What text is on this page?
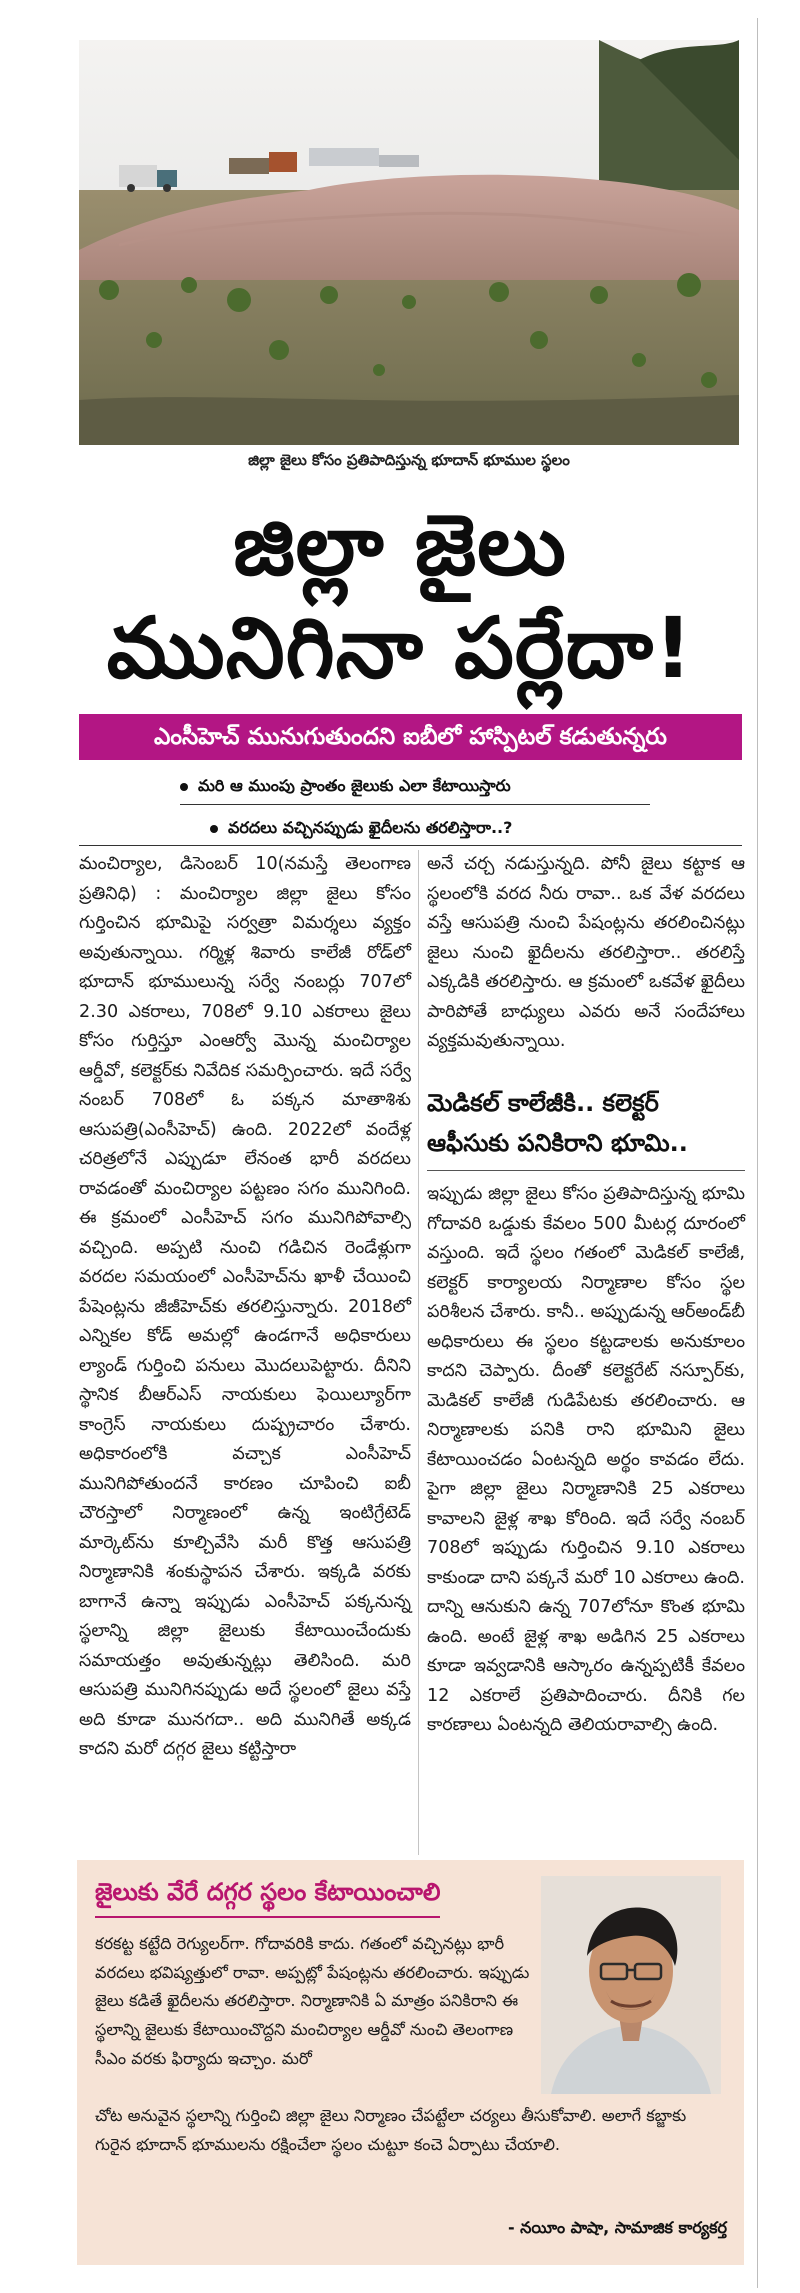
జిల్లా జైలు కోసం ప్రతిపాదిస్తున్న భూదాన్ భూముల స్థలం
జిల్లా జైలు
మునిగినా పర్లేదా!
ఎంసీహెచ్ మునుగుతుందని ఐబీలో హాస్పిటల్ కడుతున్నరు
మరి ఆ ముంపు ప్రాంతం జైలుకు ఎలా కేటాయిస్తారు
వరదలు వచ్చినప్పుడు ఖైదీలను తరలిస్తారా..?

మంచిర్యాల, డిసెంబర్ 10(నమస్తే తెలంగాణ ప్రతినిధి) : మంచిర్యాల జిల్లా జైలు కోసం గుర్తించిన భూమిపై సర్వత్రా విమర్శలు వ్యక్తం అవుతున్నాయి. గర్మిళ్ల శివారు కాలేజీ రోడ్‌లో భూదాన్ భూములున్న సర్వే నంబర్లు 707లో 2.30 ఎకరాలు, 708లో 9.10 ఎకరాలు జైలు కోసం గుర్తిస్తూ ఎంఆర్వో మొన్న మంచిర్యాల ఆర్డీవో, కలెక్టర్‌కు నివేదిక సమర్పించారు. ఇదే సర్వే నంబర్ 708లో ఓ పక్కన మాతాశిశు ఆసుపత్రి(ఎంసీహెచ్) ఉంది. 2022లో వందేళ్ల చరిత్రలోనే ఎప్పుడూ లేనంత భారీ వరదలు రావడంతో మంచిర్యాల పట్టణం సగం మునిగింది. ఈ క్రమంలో ఎంసీహెచ్ సగం మునిగిపోవాల్సి వచ్చింది. అప్పటి నుంచి గడిచిన రెండేళ్లుగా వరదల సమయంలో ఎంసీహెచ్‌ను ఖాళీ చేయించి పేషెంట్లను జీజీహెచ్‌కు తరలిస్తున్నారు. 2018లో ఎన్నికల కోడ్ అమల్లో ఉండగానే అధికారులు ల్యాండ్ గుర్తించి పనులు మొదలుపెట్టారు. దీనిని స్థానిక బీఆర్ఎస్ నాయకులు ఫెయిల్యూర్‌గా కాంగ్రెస్ నాయకులు దుష్ప్రచారం చేశారు. అధికారంలోకి వచ్చాక ఎంసీహెచ్ మునిగిపోతుందనే కారణం చూపించి ఐబీ చౌరస్తాలో నిర్మాణంలో ఉన్న ఇంటిగ్రేటెడ్ మార్కెట్‌ను కూల్చివేసి మరీ కొత్త ఆసుపత్రి నిర్మాణానికి శంకుస్థాపన చేశారు. ఇక్కడి వరకు బాగానే ఉన్నా ఇప్పుడు ఎంసీహెచ్ పక్కనున్న స్థలాన్ని జిల్లా జైలుకు కేటాయించేందుకు సమాయత్తం అవుతున్నట్లు తెలిసింది. మరి ఆసుపత్రి మునిగినప్పుడు అదే స్థలంలో జైలు వస్తే అది కూడా మునగదా.. అది మునిగితే అక్కడ కాదని మరో దగ్గర జైలు కట్టిస్తారా

అనే చర్చ నడుస్తున్నది. పోనీ జైలు కట్టాక ఆ స్థలంలోకి వరద నీరు రావా.. ఒక వేళ వరదలు వస్తే ఆసుపత్రి నుంచి పేషంట్లను తరలించినట్లు జైలు నుంచి ఖైదీలను తరలిస్తారా.. తరలిస్తే ఎక్కడికి తరలిస్తారు. ఆ క్రమంలో ఒకవేళ ఖైదీలు పారిపోతే బాధ్యులు ఎవరు అనే సందేహాలు వ్యక్తమవుతున్నాయి.

మెడికల్ కాలేజీకి.. కలెక్టర్ ఆఫీసుకు పనికిరాని భూమి..

ఇప్పుడు జిల్లా జైలు కోసం ప్రతిపాదిస్తున్న భూమి గోదావరి ఒడ్డుకు కేవలం 500 మీటర్ల దూరంలో వస్తుంది. ఇదే స్థలం గతంలో మెడికల్ కాలేజీ, కలెక్టర్ కార్యాలయ నిర్మాణాల కోసం స్థల పరిశీలన చేశారు. కానీ.. అప్పుడున్న ఆర్అండ్‌బీ అధికారులు ఈ స్థలం కట్టడాలకు అనుకూలం కాదని చెప్పారు. దీంతో కలెక్టరేట్ నస్పూర్‌కు, మెడికల్ కాలేజీ గుడిపేటకు తరలించారు. ఆ నిర్మాణాలకు పనికి రాని భూమిని జైలు కేటాయించడం ఏంటన్నది అర్థం కావడం లేదు. పైగా జిల్లా జైలు నిర్మాణానికి 25 ఎకరాలు కావాలని జైళ్ల శాఖ కోరింది. ఇదే సర్వే నంబర్ 708లో ఇప్పుడు గుర్తించిన 9.10 ఎకరాలు కాకుండా దాని పక్కనే మరో 10 ఎకరాలు ఉంది. దాన్ని ఆనుకుని ఉన్న 707లోనూ కొంత భూమి ఉంది. అంటే జైళ్ల శాఖ అడిగిన 25 ఎకరాలు కూడా ఇవ్వడానికి ఆస్కారం ఉన్నప్పటికీ కేవలం 12 ఎకరాలే ప్రతిపాదించారు. దీనికి గల కారణాలు ఏంటన్నది తెలియరావాల్సి ఉంది.

జైలుకు వేరే దగ్గర స్థలం కేటాయించాలి
కరకట్ట కట్టేది రెగ్యులర్‌గా. గోదావరికి కాదు. గతంలో వచ్చినట్లు భారీ వరదలు భవిష్యత్తులో రావా. అప్పట్లో పేషంట్లను తరలించారు. ఇప్పుడు జైలు కడితే ఖైదీలను తరలిస్తారా. నిర్మాణానికి ఏ మాత్రం పనికిరాని ఈ స్థలాన్ని జైలుకు కేటాయించొద్దని మంచిర్యాల ఆర్డీవో నుంచి తెలంగాణ సీఎం వరకు ఫిర్యాదు ఇచ్చాం. మరో
చోట అనువైన స్థలాన్ని గుర్తించి జిల్లా జైలు నిర్మాణం చేపట్టేలా చర్యలు తీసుకోవాలి. అలాగే కబ్జాకు గురైన భూదాన్ భూములను రక్షించేలా స్థలం చుట్టూ కంచె ఏర్పాటు చేయాలి.
- నయీం పాషా, సామాజిక కార్యకర్త
